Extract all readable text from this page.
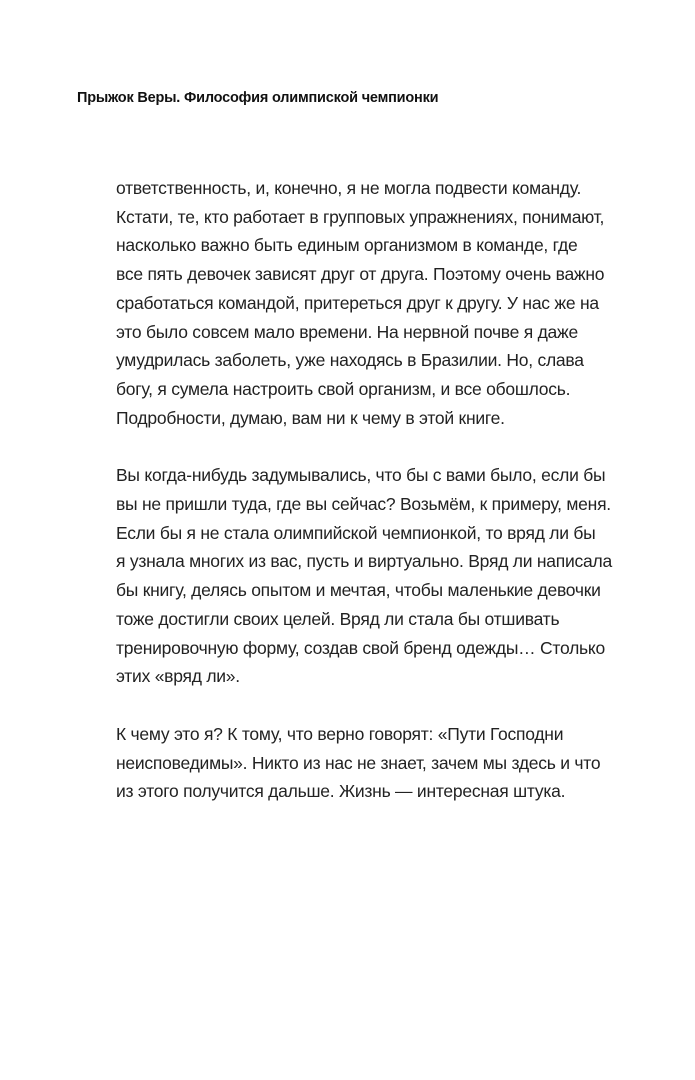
Прыжок Веры. Философия олимпиской чемпионки

ответственность, и, конечно, я не могла подвести команду.
Кстати, те, кто работает в групповых упражнениях, понимают,
насколько важно быть единым организмом в команде, где
все пять девочек зависят друг от друга. Поэтому очень важно
сработаться командой, притереться друг к другу. У нас же на
это было совсем мало времени. На нервной почве я даже
умудрилась заболеть, уже находясь в Бразилии. Но, слава
богу, я сумела настроить свой организм, и все обошлось.
Подробности, думаю, вам ни к чему в этой книге.

Вы когда-нибудь задумывались, что бы с вами было, если бы
вы не пришли туда, где вы сейчас? Возьмём, к примеру, меня.
Если бы я не стала олимпийской чемпионкой, то вряд ли бы
я узнала многих из вас, пусть и виртуально. Вряд ли написала
бы книгу, делясь опытом и мечтая, чтобы маленькие девочки
тоже достигли своих целей. Вряд ли стала бы отшивать
тренировочную форму, создав свой бренд одежды… Столько
этих «вряд ли».

К чему это я? К тому, что верно говорят: «Пути Господни
неисповедимы». Никто из нас не знает, зачем мы здесь и что
из этого получится дальше. Жизнь — интересная штука.
